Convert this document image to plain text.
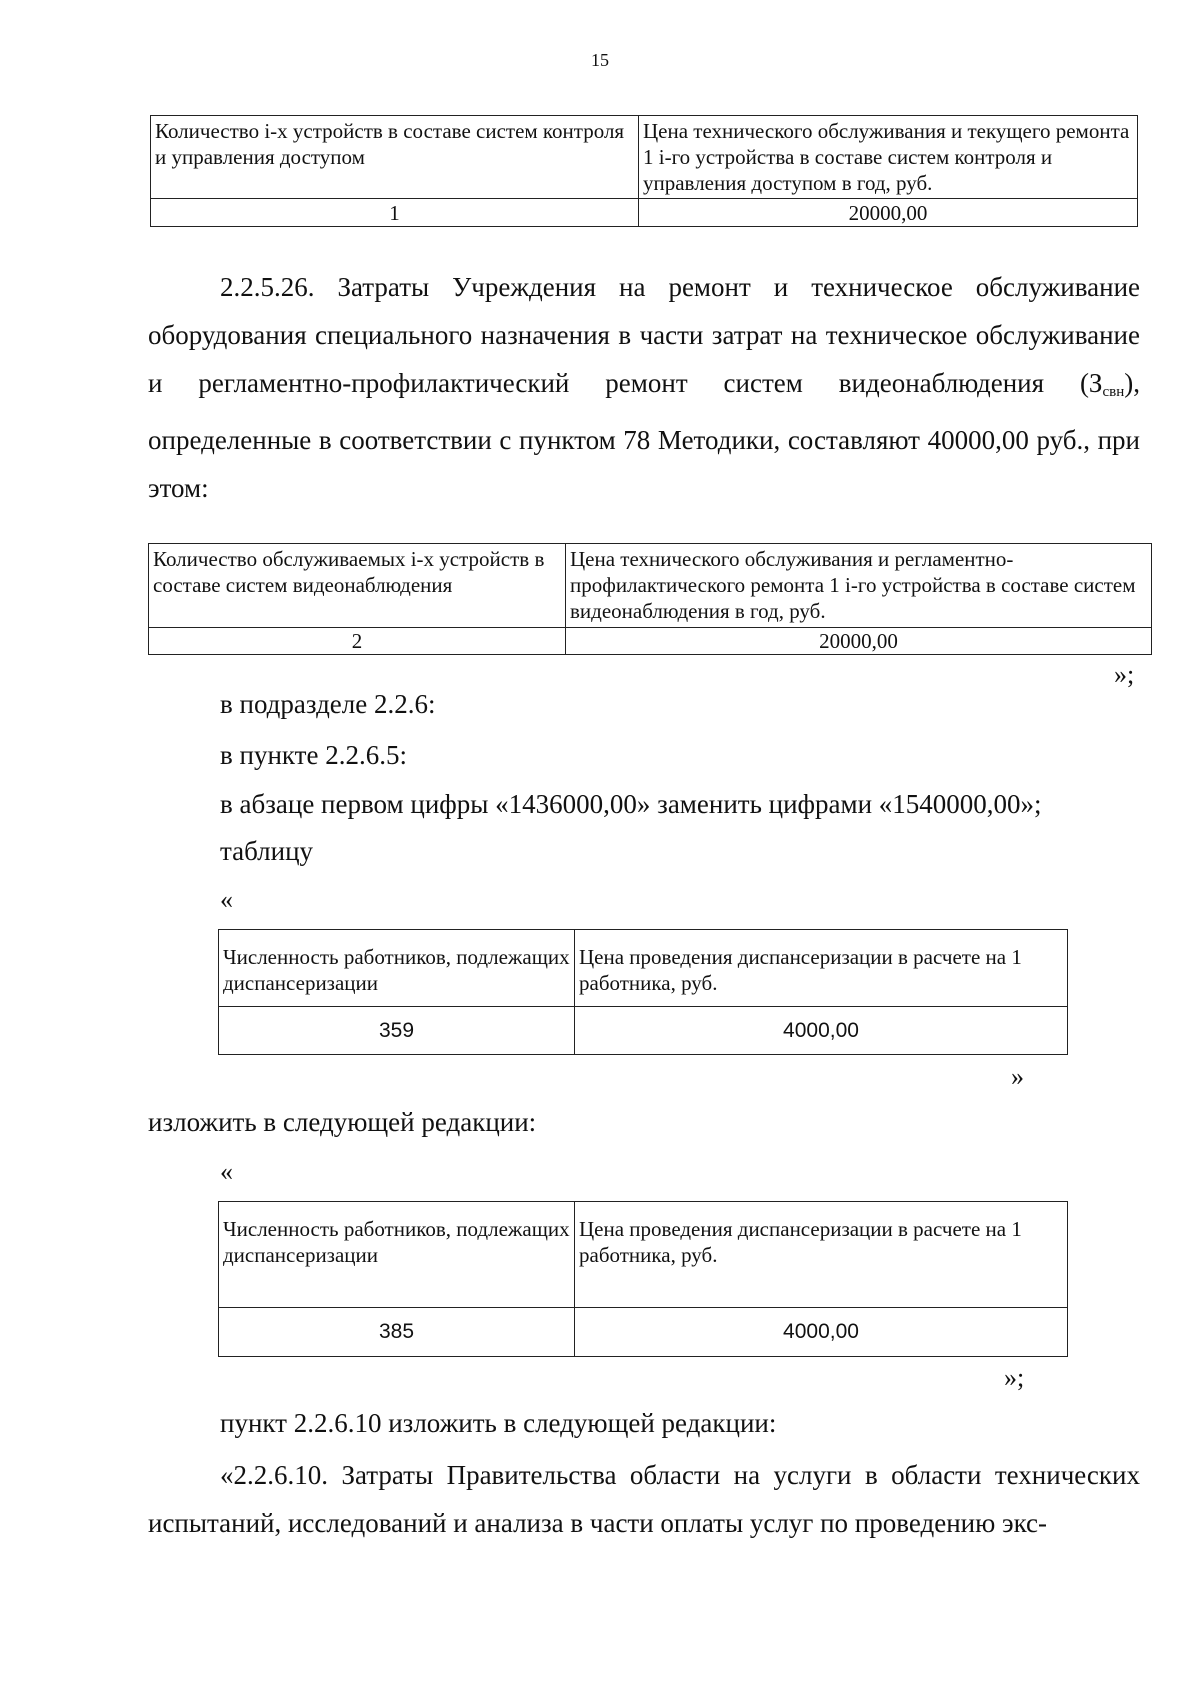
15
Количество i-х устройств в составе систем контроля и управления доступом	Цена технического обслуживания и текущего ремонта 1 i-го устройства в составе систем контроля и управления доступом в год, руб.
1	20000,00
2.2.5.26. Затраты Учреждения на ремонт и техническое обслуживание оборудования специального назначения в части затрат на техническое обслуживание и регламентно-профилактический ремонт систем видеонаблюдения $(З_{свн})$, определенные в соответствии с пунктом 78 Методики, составляют 40000,00 руб., при этом:
Количество обслуживаемых i-х устройств в составе систем видеонаблюдения	Цена технического обслуживания и регламентно-профилактического ремонта 1 i-го устройства в составе систем видеонаблюдения в год, руб.
2	20000,00
»;
в подразделе 2.2.6:
в пункте 2.2.6.5:
в абзаце первом цифры «1436000,00» заменить цифрами «1540000,00»;
таблицу
«
Численность работников, подлежащих диспансеризации	Цена проведения диспансеризации в расчете на 1 работника, руб.
359	4000,00
»
изложить в следующей редакции:
«
Численность работников, подлежащих диспансеризации	Цена проведения диспансеризации в расчете на 1 работника, руб.
385	4000,00
»;
пункт 2.2.6.10 изложить в следующей редакции:
«2.2.6.10. Затраты Правительства области на услуги в области технических испытаний, исследований и анализа в части оплаты услуг по проведению экс-
